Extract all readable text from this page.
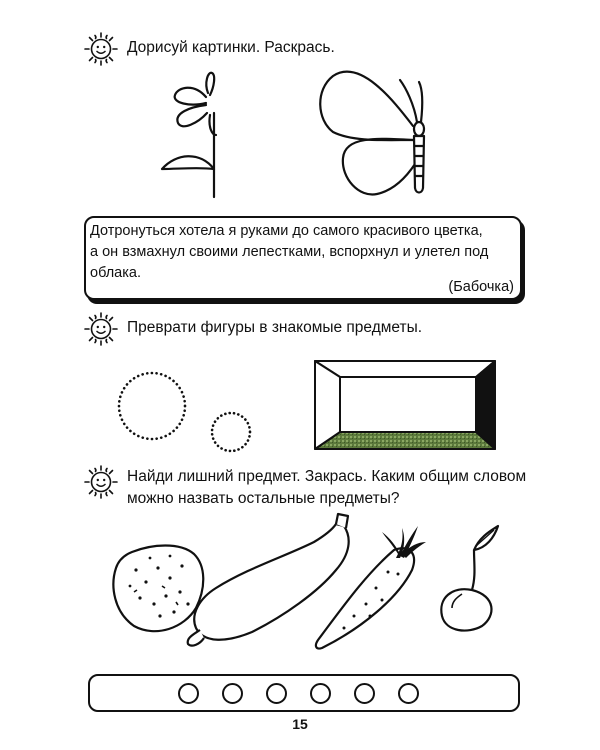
Дорисуй картинки. Раскрась.
Дотронуться хотела я руками до самого красивого цветка,
а он взмахнул своими лепестками, вспорхнул и улетел под
облака.
(Бабочка)
Преврати фигуры в знакомые предметы.
Найди лишний предмет. Закрась. Каким общим словом
можно назвать остальные предметы?
15
